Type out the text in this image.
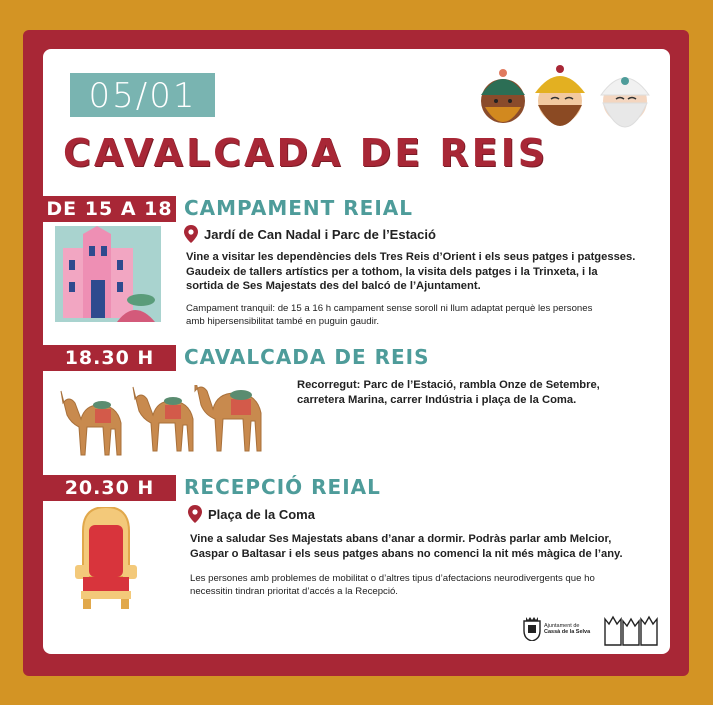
05/01
CAVALCADA DE REIS
DE 15 A 18 CAMPAMENT REIAL
Jardí de Can Nadal i Parc de l’Estació
Vine a visitar les dependències dels Tres Reis d’Orient i els seus patges i patgesses.
Gaudeix de tallers artístics per a tothom, la visita dels patges i la Trinxeta, i la
sortida de Ses Majestats des del balcó de l’Ajuntament.
Campament tranquil: de 15 a 16 h campament sense soroll ni llum adaptat perquè les persones
amb hipersensibilitat també en puguin gaudir.
18.30 H	CAVALCADA DE REIS
Recorregut: Parc de l’Estació, rambla Onze de Setembre,
carretera Marina, carrer Indústria i plaça de la Coma.
20.30 H	RECEPCIÓ REIAL
Plaça de la Coma
Vine a saludar Ses Majestats abans d’anar a dormir. Podràs parlar amb Melcior,
Gaspar o Baltasar i els seus patges abans no comenci la nit més màgica de l’any.
Les persones amb problemes de mobilitat o d’altres tipus d’afectacions neurodivergents que ho
necessitin tindran prioritat d’accés a la Recepció.
Ajuntament de
Cassà de la Selva
